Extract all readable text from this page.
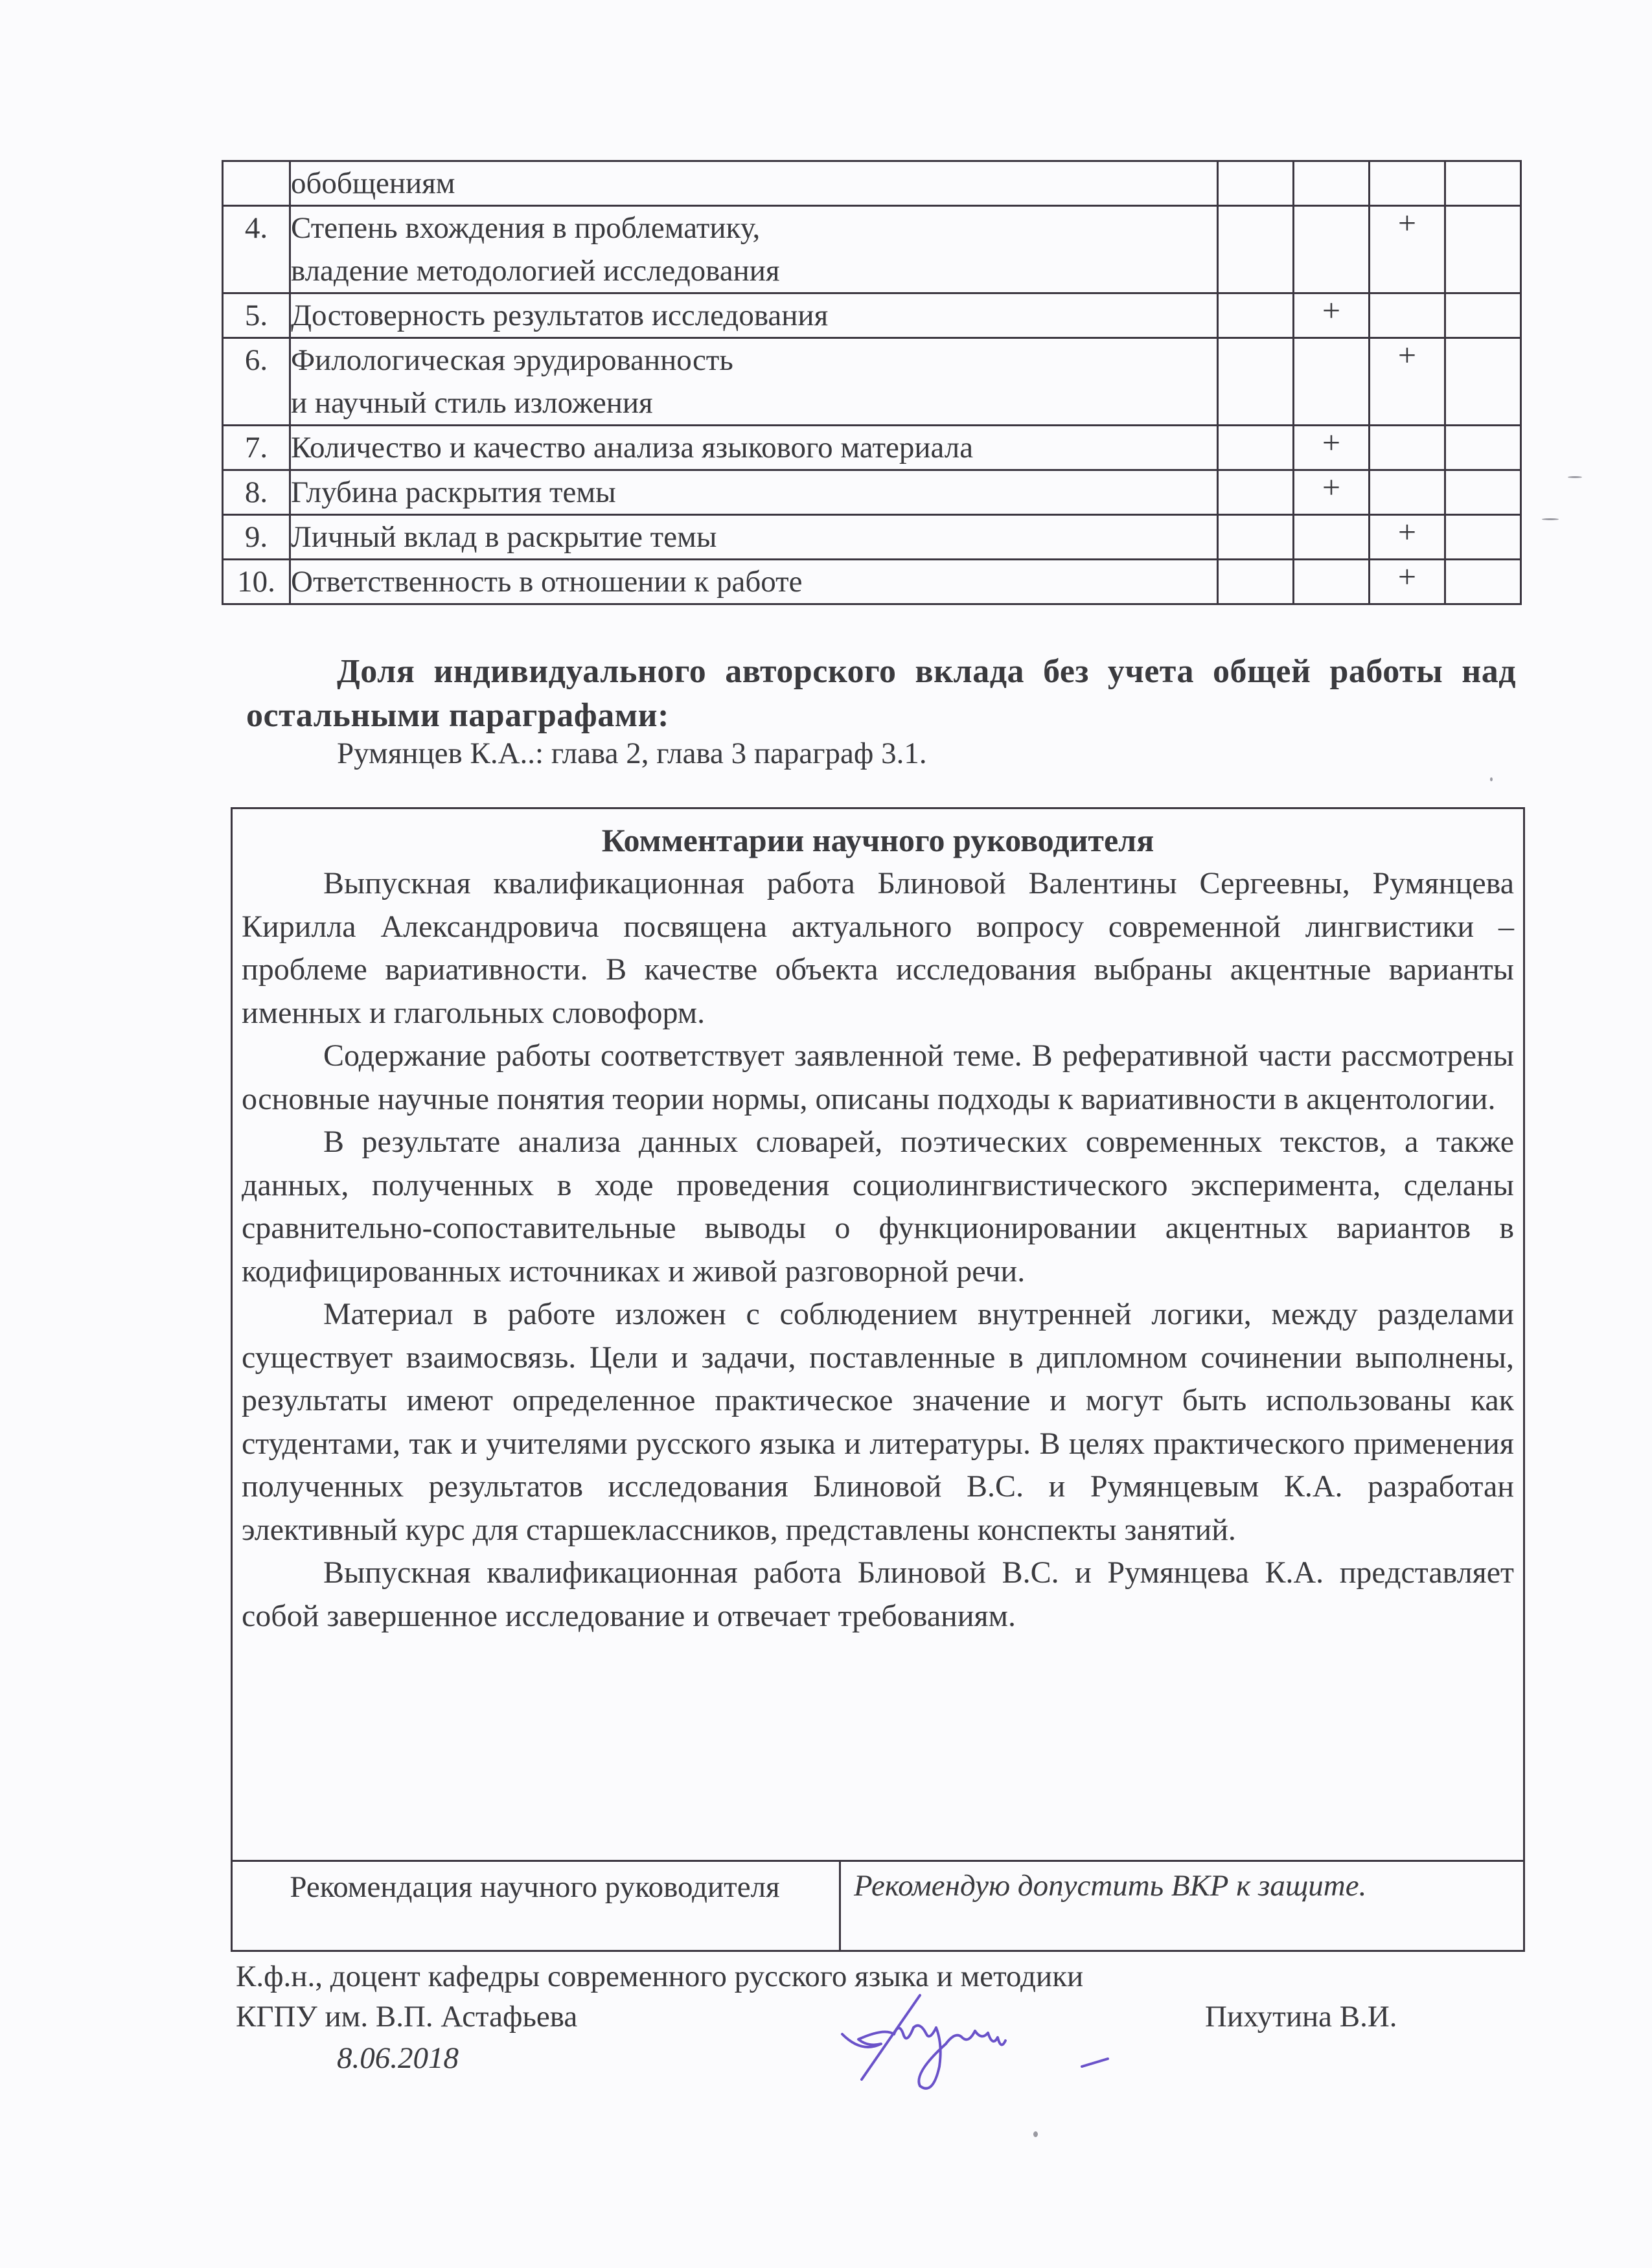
	обобщениям				

4.	Степень вхождения в проблематику,
владение методологией исследования			+	
5.	Достоверность результатов исследования		+		
6.	Филологическая эрудированность
и научный стиль изложения			+	
7.	Количество и качество анализа языкового материала		+		
8.	Глубина раскрытия темы		+		
9.	Личный вклад в раскрытие темы			+	
10.	Ответственность в отношении к работе			+	
Доля индивидуального авторского вклада без учета общей работы над остальными параграфами:
Румянцев К.А..: глава 2, глава 3 параграф 3.1.
Комментарии научного руководителя

Выпускная квалификационная работа Блиновой Валентины Сергеевны, Румянцева Кирилла Александровича посвящена актуального вопросу современной лингвистики – проблеме вариативности. В качестве объекта исследования выбраны акцентные варианты именных и глагольных словоформ.

Содержание работы соответствует заявленной теме. В реферативной части рассмотрены основные научные понятия теории нормы, описаны подходы к вариативности в акцентологии.

В результате анализа данных словарей, поэтических современных текстов, а также данных, полученных в ходе проведения социолингвистического эксперимента, сделаны сравнительно-сопоставительные выводы о функционировании акцентных вариантов в кодифицированных источниках и живой разговорной речи.

Материал в работе изложен с соблюдением внутренней логики, между разделами существует взаимосвязь. Цели и задачи, поставленные в дипломном сочинении выполнены, результаты имеют определенное практическое значение и могут быть использованы как студентами, так и учителями русского языка и литературы. В целях практического применения полученных результатов исследования Блиновой В.С. и Румянцевым К.А. разработан элективный курс для старшеклассников, представлены конспекты занятий.

Выпускная квалификационная работа Блиновой В.С. и Румянцева К.А. представляет собой завершенное исследование и отвечает требованиям.

Рекомендация научного руководителя	Рекомендую допустить ВКР к защите.
К.ф.н., доцент кафедры современного русского языка и методики
КГПУ им. В.П. Астафьева
8.06.2018
Пихутина В.И.
